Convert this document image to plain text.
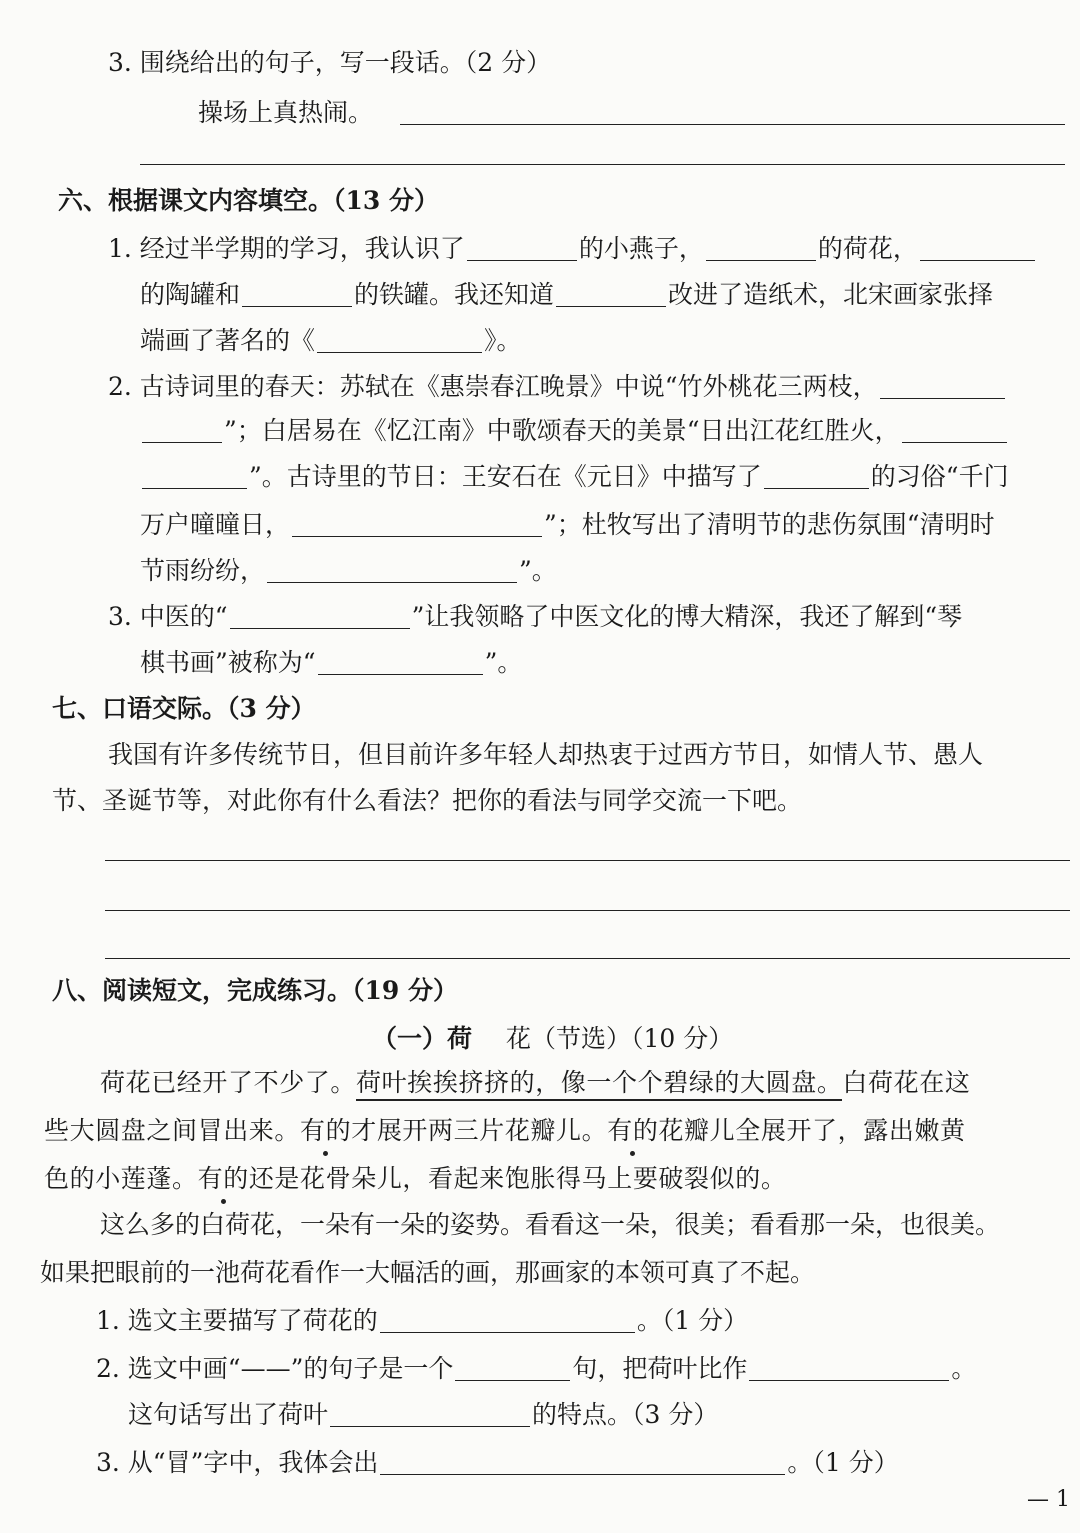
3. 围绕给出的句子，写一段话。（2 分）
操场上真热闹。
六、根据课文内容填空。（13 分）
1. 经过半学期的学习，我认识了	的小燕子，	的荷花，
的陶罐和	的铁罐。我还知道	改进了造纸术，北宋画家张择
端画了著名的《	》。
2. 古诗词里的春天：苏轼在《惠崇春江晚景》中说“竹外桃花三两枝，
”；白居易在《忆江南》中歌颂春天的美景“日出江花红胜火，
”。古诗里的节日：王安石在《元日》中描写了	的习俗“千门
万户曈曈日，	”；杜牧写出了清明节的悲伤氛围“清明时
节雨纷纷，	”。
3. 中医的“	”让我领略了中医文化的博大精深，我还了解到“琴
棋书画”被称为“	”。
七、口语交际。（3 分）
我国有许多传统节日，但目前许多年轻人却热衷于过西方节日，如情人节、愚人
节、圣诞节等，对此你有什么看法？把你的看法与同学交流一下吧。
八、阅读短文，完成练习。（19 分）
（一）荷 花（节选）（10 分）
荷花已经开了不少了。荷叶挨挨挤挤的，像一个个碧绿的大圆盘。白荷花在这
些大圆盘之间冒出来。有的才展开两三片花瓣儿。有的花瓣儿全展开了，露出嫩黄
色的小莲蓬。有的还是花骨朵儿，看起来饱胀得马上要破裂似的。
这么多的白荷花，一朵有一朵的姿势。看看这一朵，很美；看看那一朵，也很美。
如果把眼前的一池荷花看作一大幅活的画，那画家的本领可真了不起。
1. 选文主要描写了荷花的	。（1 分）
2. 选文中画“——”的句子是一个	句，把荷叶比作	。
这句话写出了荷叶	的特点。（3 分）
3. 从“冒”字中，我体会出	。（1 分）
— 1
